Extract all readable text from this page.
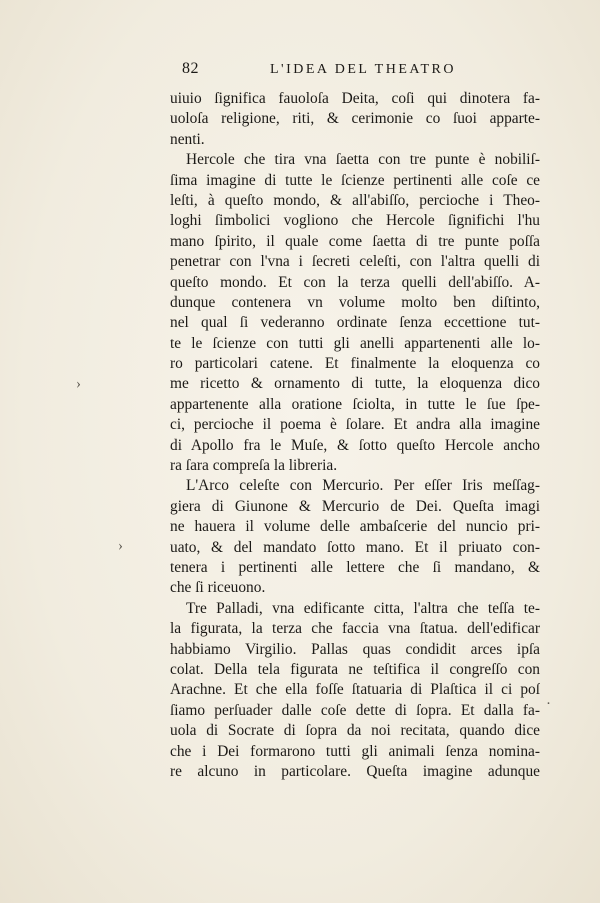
82	L'IDEA DEL THEATRO
uiuio ſignifica fauoloſa Deita, coſi qui dinotera fa-
uoloſa religione, riti, & cerimonie co ſuoi apparte-
nenti.
Hercole che tira vna ſaetta con tre punte è nobiliſ-
ſima imagine di tutte le ſcienze pertinenti alle coſe ce
leſti, à queſto mondo, & all'abiſſo, percioche i Theo-
loghi ſimbolici vogliono che Hercole ſignifichi l'hu
mano ſpirito, il quale come ſaetta di tre punte poſſa
penetrar con l'vna i ſecreti celeſti, con l'altra quelli di
queſto mondo. Et con la terza quelli dell'abiſſo. A-
dunque contenera vn volume molto ben diſtinto,
nel qual ſi vederanno ordinate ſenza eccettione tut-
te le ſcienze con tutti gli anelli appartenenti alle lo-
ro particolari catene. Et finalmente la eloquenza co
me ricetto & ornamento di tutte, la eloquenza dico
appartenente alla oratione ſciolta, in tutte le ſue ſpe-
ci, percioche il poema è ſolare. Et andra alla imagine
di Apollo fra le Muſe, & ſotto queſto Hercole ancho
ra ſara compreſa la libreria.
L'Arco celeſte con Mercurio. Per eſſer Iris meſſag-
giera di Giunone & Mercurio de Dei. Queſta imagi
ne hauera il volume delle ambaſcerie del nuncio pri-
uato, & del mandato ſotto mano. Et il priuato con-
tenera i pertinenti alle lettere che ſi mandano, &
che ſi riceuono.
Tre Palladi, vna edificante citta, l'altra che teſſa te-
la figurata, la terza che faccia vna ſtatua. dell'edificar
habbiamo Virgilio. Pallas quas condidit arces ipſa
colat. Della tela figurata ne teſtifica il congreſſo con
Arachne. Et che ella foſſe ſtatuaria di Plaſtica il ci poſ
ſiamo perſuader dalle coſe dette di ſopra. Et dalla fa-
uola di Socrate di ſopra da noi recitata, quando dice
che i Dei formarono tutti gli animali ſenza nomina-
re alcuno in particolare. Queſta imagine adunque
›
›
·
